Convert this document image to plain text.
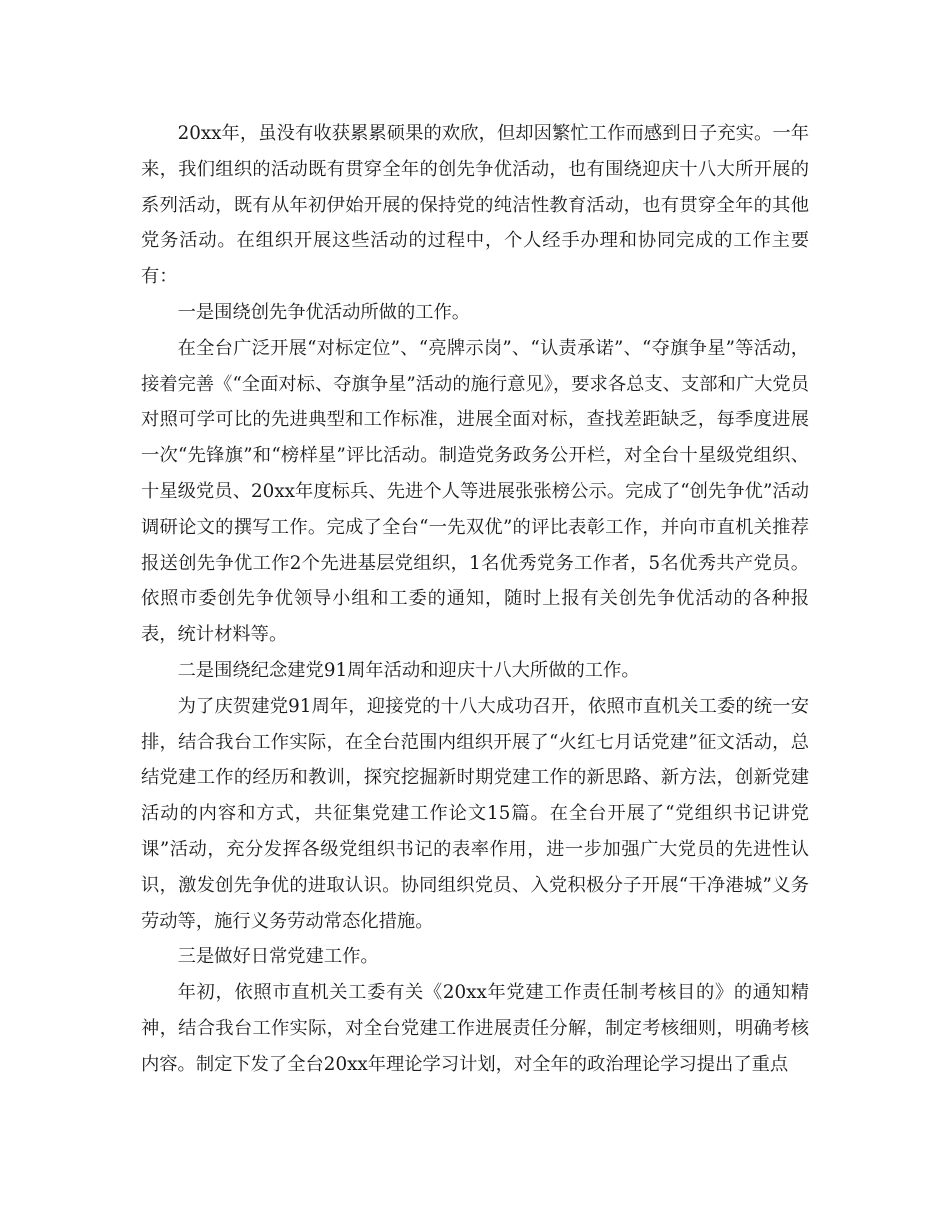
20xx年，虽没有收获累累硕果的欢欣，但却因繁忙工作而感到日子充实。一年来，我们组织的活动既有贯穿全年的创先争优活动，也有围绕迎庆十八大所开展的系列活动，既有从年初伊始开展的保持党的纯洁性教育活动，也有贯穿全年的其他党务活动。在组织开展这些活动的过程中，个人经手办理和协同完成的工作主要有：

一是围绕创先争优活动所做的工作。

在全台广泛开展“对标定位”、“亮牌示岗”、“认责承诺”、“夺旗争星”等活动，接着完善《“全面对标、夺旗争星”活动的施行意见》，要求各总支、支部和广大党员对照可学可比的先进典型和工作标准，进展全面对标，查找差距缺乏，每季度进展一次“先锋旗”和“榜样星”评比活动。制造党务政务公开栏，对全台十星级党组织、十星级党员、20xx年度标兵、先进个人等进展张张榜公示。完成了“创先争优”活动调研论文的撰写工作。完成了全台“一先双优”的评比表彰工作，并向市直机关推荐报送创先争优工作2个先进基层党组织，1名优秀党务工作者，5名优秀共产党员。依照市委创先争优领导小组和工委的通知，随时上报有关创先争优活动的各种报表，统计材料等。

二是围绕纪念建党91周年活动和迎庆十八大所做的工作。

为了庆贺建党91周年，迎接党的十八大成功召开，依照市直机关工委的统一安排，结合我台工作实际，在全台范围内组织开展了“火红七月话党建”征文活动，总结党建工作的经历和教训，探究挖掘新时期党建工作的新思路、新方法，创新党建活动的内容和方式，共征集党建工作论文15篇。在全台开展了“党组织书记讲党课”活动，充分发挥各级党组织书记的表率作用，进一步加强广大党员的先进性认识，激发创先争优的进取认识。协同组织党员、入党积极分子开展“干净港城”义务劳动等，施行义务劳动常态化措施。

三是做好日常党建工作。

年初，依照市直机关工委有关《20xx年党建工作责任制考核目的》的通知精神，结合我台工作实际，对全台党建工作进展责任分解，制定考核细则，明确考核内容。制定下发了全台20xx年理论学习计划，对全年的政治理论学习提出了重点
